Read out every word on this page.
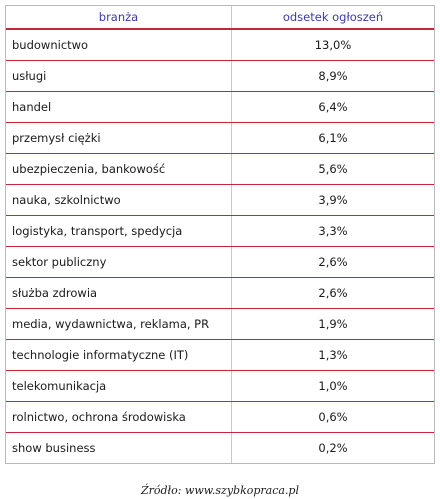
branża	odsetek ogłoszeń
budownictwo	13,0%
usługi	8,9%
handel	6,4%
przemysł ciężki	6,1%
ubezpieczenia, bankowość	5,6%
nauka, szkolnictwo	3,9%
logistyka, transport, spedycja	3,3%
sektor publiczny	2,6%
służba zdrowia	2,6%
media, wydawnictwa, reklama, PR	1,9%
technologie informatyczne (IT)	1,3%
telekomunikacja	1,0%
rolnictwo, ochrona środowiska	0,6%
show business	0,2%
Źródło: www.szybkopraca.pl
